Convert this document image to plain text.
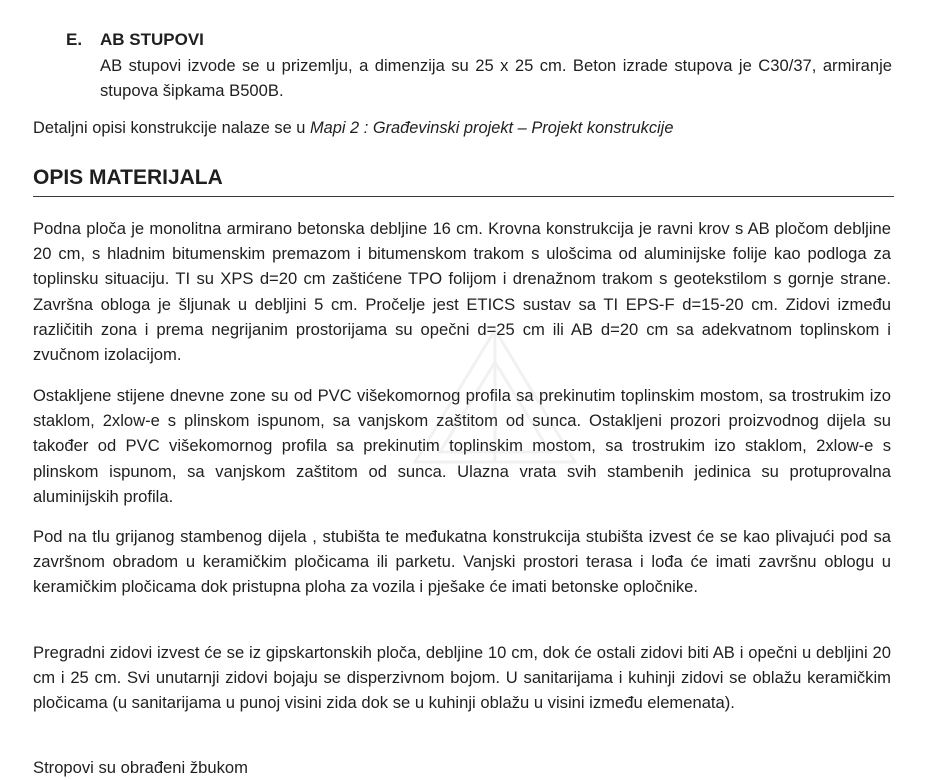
E.	AB STUPOVI
AB stupovi izvode se u prizemlju, a dimenzija su 25 x 25 cm. Beton izrade stupova je C30/37, armiranje stupova šipkama B500B.
Detaljni opisi konstrukcije nalaze se u Mapi 2 : Građevinski projekt – Projekt konstrukcije
OPIS MATERIJALA
Podna ploča je monolitna armirano betonska debljine 16 cm. Krovna konstrukcija je ravni krov s AB pločom debljine 20 cm, s hladnim bitumenskim premazom i bitumenskom trakom s ulošcima od aluminijske folije kao podloga za toplinsku situaciju. TI su XPS d=20 cm zaštićene TPO folijom i drenažnom trakom s geotekstilom s gornje strane. Završna obloga je šljunak u debljini 5 cm. Pročelje jest ETICS sustav sa TI EPS-F d=15-20 cm. Zidovi između različitih zona i prema negrijanim prostorijama su opečni d=25 cm ili AB d=20 cm sa adekvatnom toplinskom i zvučnom izolacijom.
Ostakljene stijene dnevne zone su od PVC višekomornog profila sa prekinutim toplinskim mostom, sa trostrukim izo staklom, 2xlow-e s plinskom ispunom, sa vanjskom zaštitom od sunca. Ostakljeni prozori proizvodnog dijela su također od PVC višekomornog profila sa prekinutim toplinskim mostom, sa trostrukim izo staklom, 2xlow-e s plinskom ispunom, sa vanjskom zaštitom od sunca. Ulazna vrata svih stambenih jedinica su protuprovalna aluminijskih profila.
Pod na tlu grijanog stambenog dijela , stubišta te međukatna konstrukcija stubišta izvest će se kao plivajući pod sa završnom obradom u keramičkim pločicama ili parketu. Vanjski prostori terasa i lođa će imati završnu oblogu u keramičkim pločicama dok pristupna ploha za vozila i pješake će imati betonske opločnike.
Pregradni zidovi izvest će se iz gipskartonskih ploča, debljine 10 cm, dok će ostali zidovi biti AB i opečni u debljini 20 cm i 25 cm. Svi unutarnji zidovi bojaju se disperzivnom bojom. U sanitarijama i kuhinji zidovi se oblažu keramičkim pločicama (u sanitarijama u punoj visini zida dok se u kuhinji oblažu u visini između elemenata).
Stropovi su obrađeni žbukom
